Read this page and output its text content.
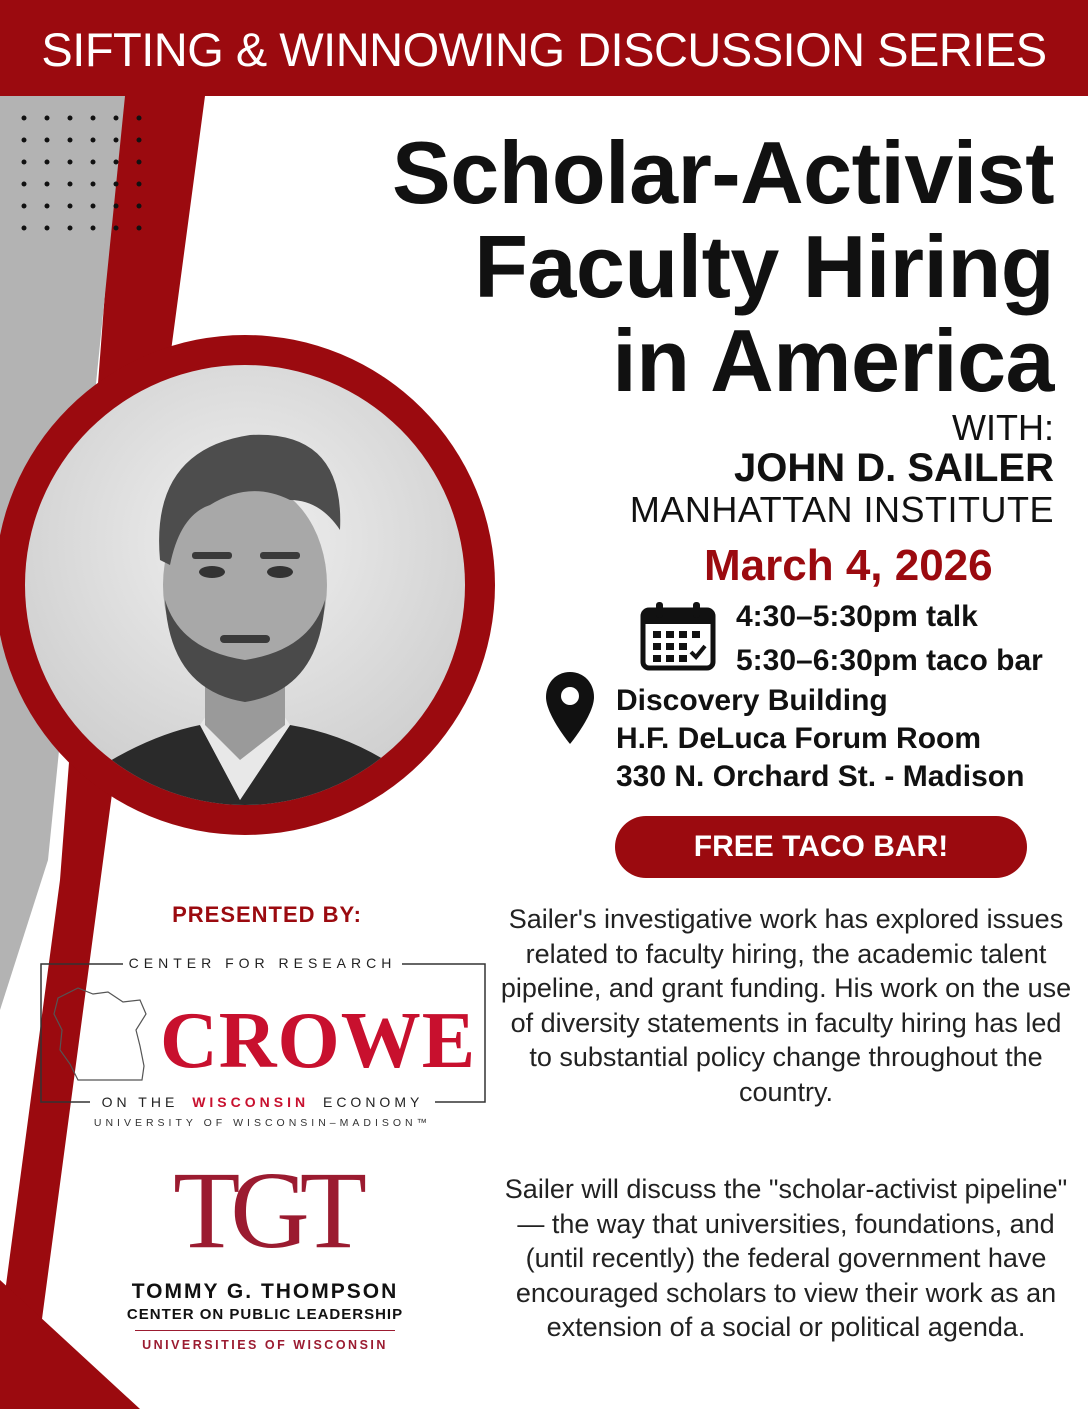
SIFTING & WINNOWING DISCUSSION SERIES
Scholar-Activist
Faculty Hiring
in America
WITH:
JOHN D. SAILER
MANHATTAN INSTITUTE
March 4, 2026
4:30–5:30pm talk
5:30–6:30pm taco bar
Discovery Building
H.F. DeLuca Forum Room
330 N. Orchard St. - Madison
FREE TACO BAR!
PRESENTED BY:
CENTER FOR RESEARCH
CROWE
ON THE WISCONSIN ECONOMY
UNIVERSITY OF WISCONSIN–MADISON™
TGT
TOMMY G. THOMPSON
CENTER ON PUBLIC LEADERSHIP
UNIVERSITIES OF WISCONSIN
Sailer's investigative work has explored issues related to faculty hiring, the academic talent pipeline, and grant funding. His work on the use of diversity statements in faculty hiring has led to substantial policy change throughout the country.
Sailer will discuss the "scholar-activist pipeline" — the way that universities, foundations, and (until recently) the federal government have encouraged scholars to view their work as an extension of a social or political agenda.
